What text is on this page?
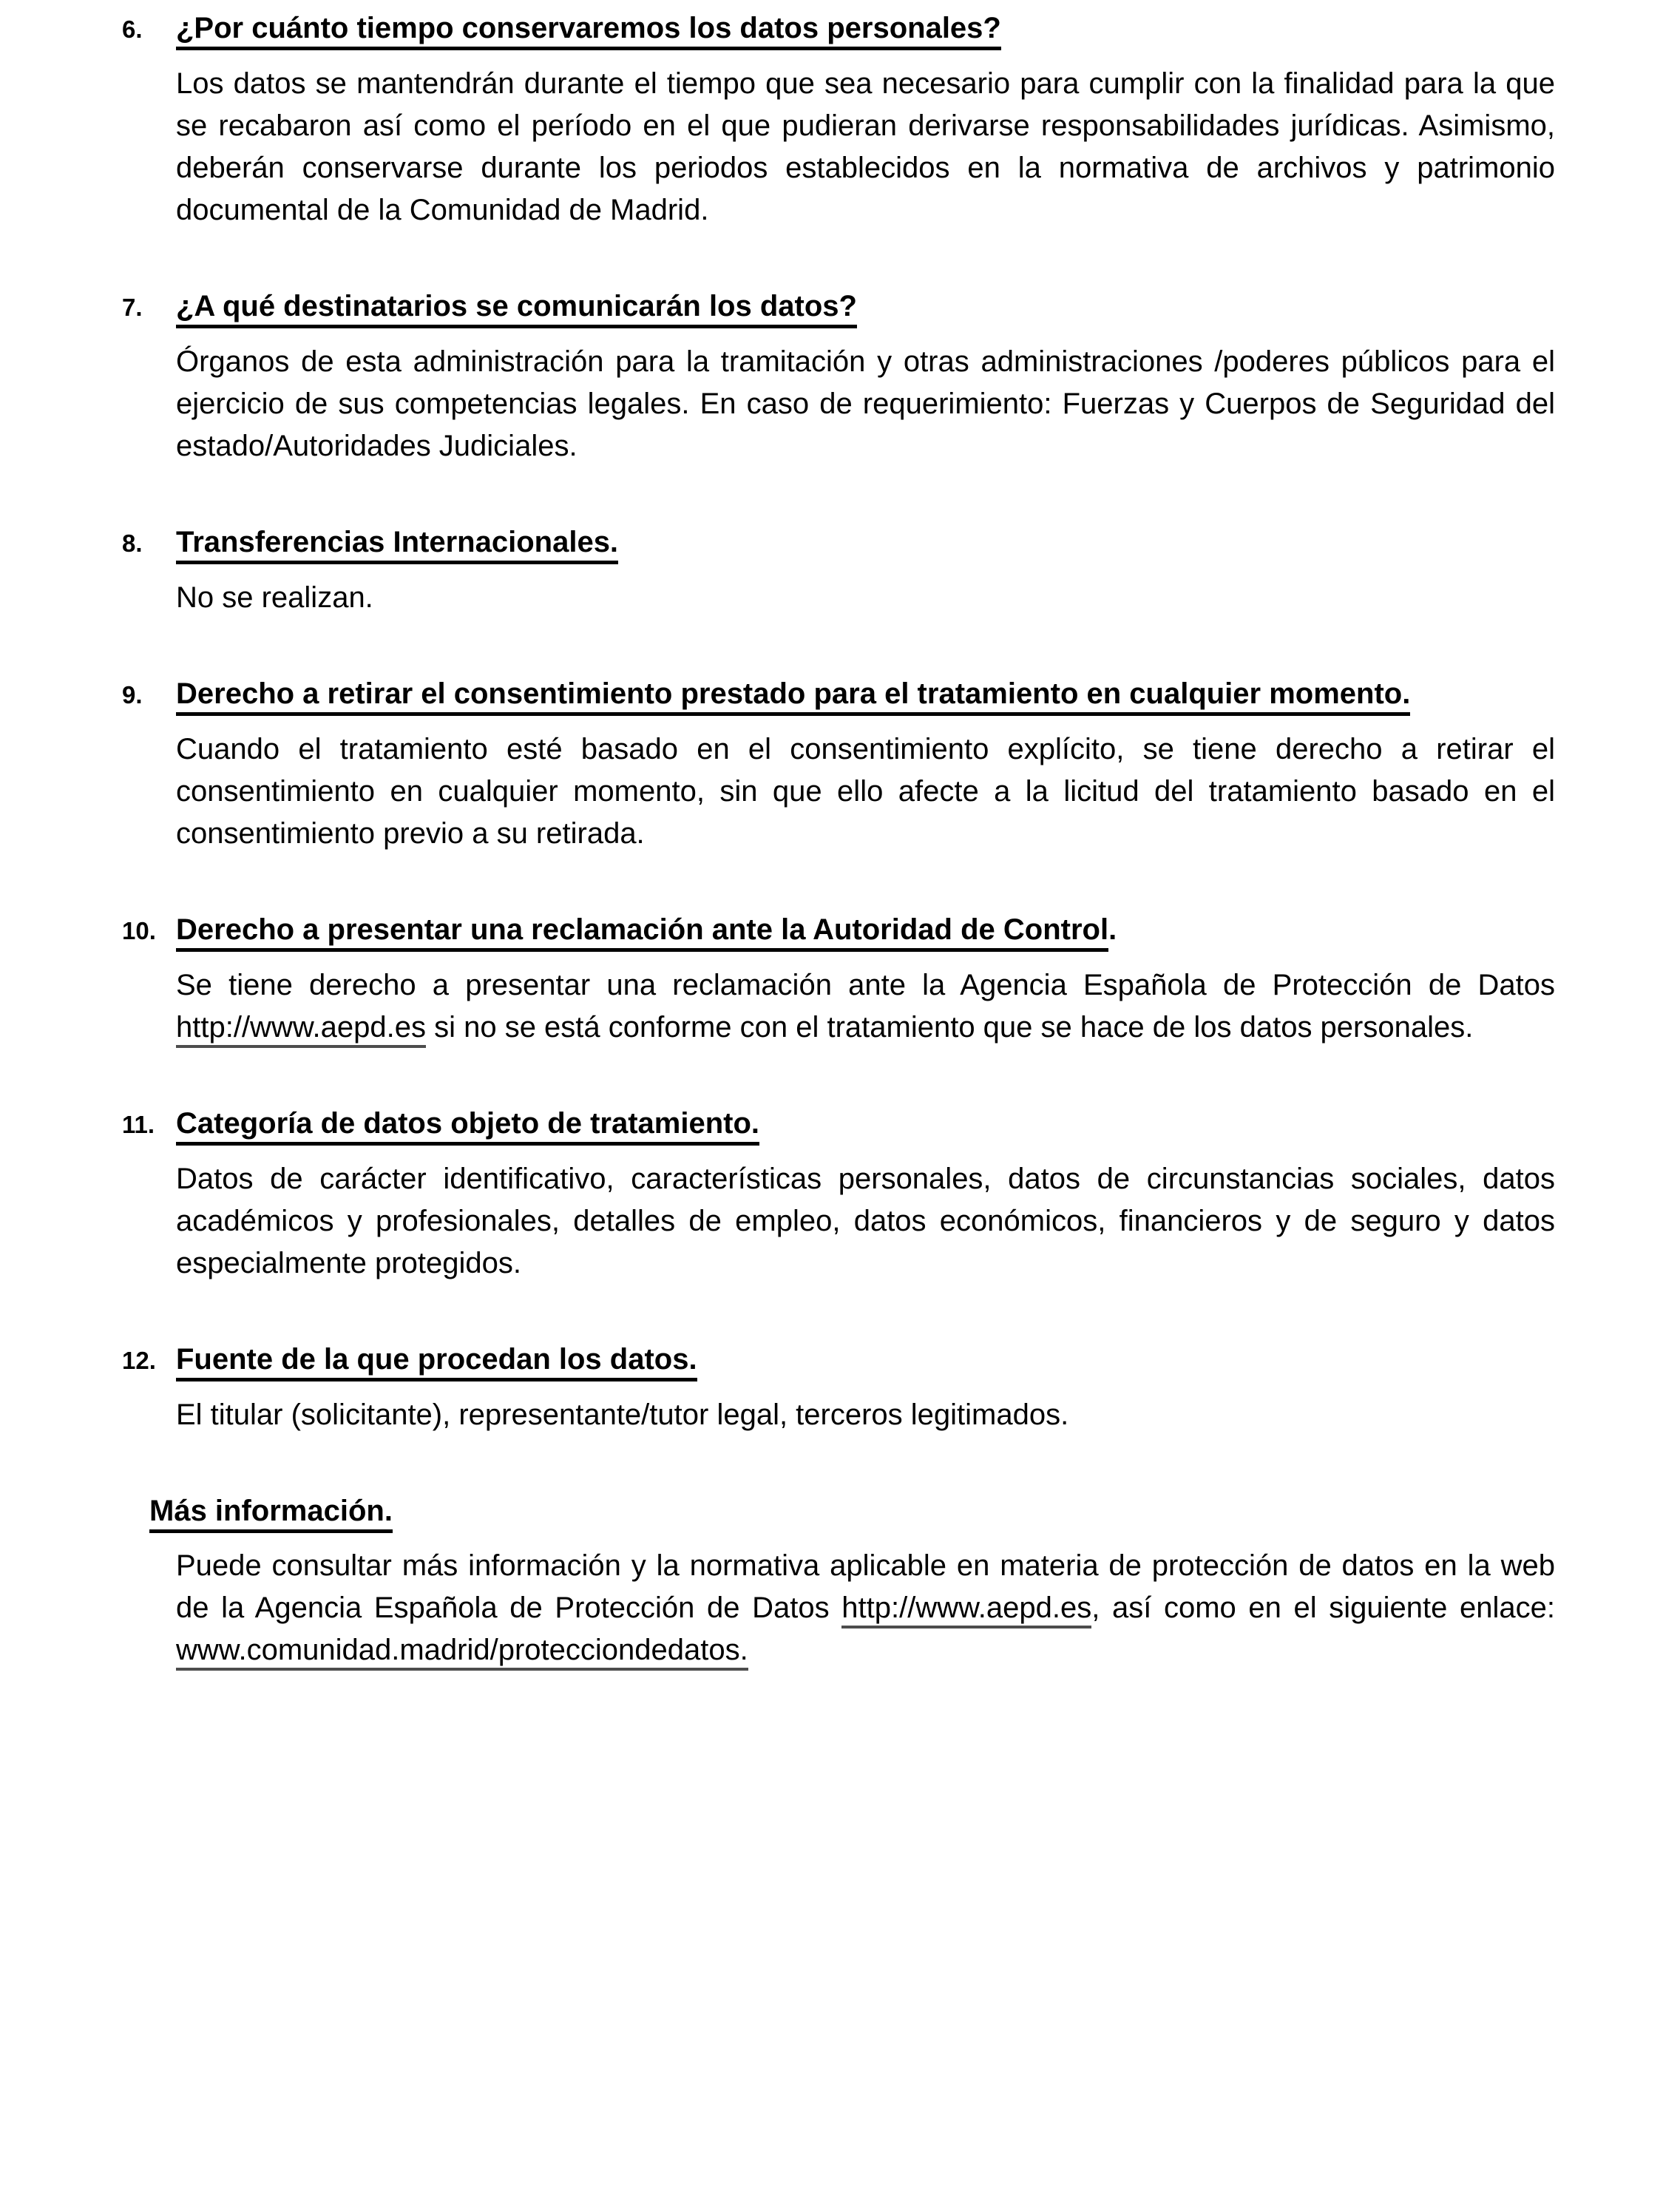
6.	¿Por cuánto tiempo conservaremos los datos personales?

Los datos se mantendrán durante el tiempo que sea necesario para cumplir con la finalidad para la que se recabaron así como el período en el que pudieran derivarse responsabilidades jurídicas. Asimismo, deberán conservarse durante los periodos establecidos en la normativa de archivos y patrimonio documental de la Comunidad de Madrid.

7.	¿A qué destinatarios se comunicarán los datos?

Órganos de esta administración para la tramitación y otras administraciones /poderes públicos para el ejercicio de sus competencias legales. En caso de requerimiento: Fuerzas y Cuerpos de Seguridad del estado/Autoridades Judiciales.

8.	Transferencias Internacionales.

No se realizan.

9.	Derecho a retirar el consentimiento prestado para el tratamiento en cualquier momento.

Cuando el tratamiento esté basado en el consentimiento explícito, se tiene derecho a retirar el consentimiento en cualquier momento, sin que ello afecte a la licitud del tratamiento basado en el consentimiento previo a su retirada.

10. Derecho a presentar una reclamación ante la Autoridad de Control.

Se tiene derecho a presentar una reclamación ante la Agencia Española de Protección de Datos http://www.aepd.es si no se está conforme con el tratamiento que se hace de los datos personales.

11. Categoría de datos objeto de tratamiento.

Datos de carácter identificativo, características personales, datos de circunstancias sociales, datos académicos y profesionales, detalles de empleo, datos económicos, financieros y de seguro y datos especialmente protegidos.

12. Fuente de la que procedan los datos.

El titular (solicitante), representante/tutor legal, terceros legitimados.

Más información.

Puede consultar más información y la normativa aplicable en materia de protección de datos en la web de la Agencia Española de Protección de Datos http://www.aepd.es, así como en el siguiente enlace: www.comunidad.madrid/protecciondedatos.
